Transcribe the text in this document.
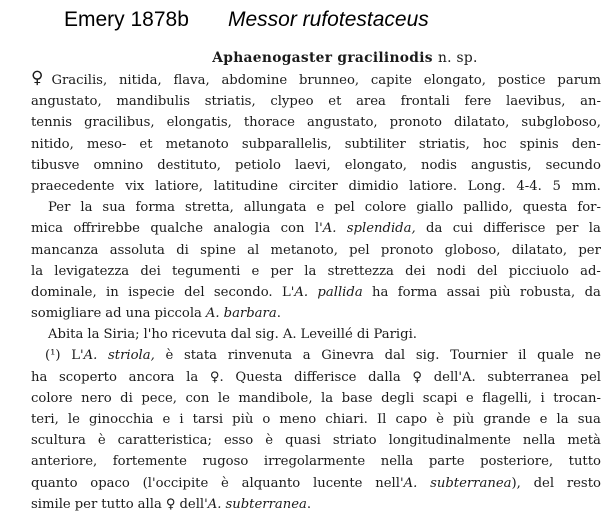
Emery 1878b Messor rufotestaceus
Aphaenogaster gracilinodis n. sp.
♀ Gracilis, nitida, flava, abdomine brunneo, capite elongato, postice parum
angustato, mandibulis striatis, clypeo et area frontali fere laevibus, an-
tennis gracilibus, elongatis, thorace angustato, pronoto dilatato, subgloboso,
nitido, meso- et metanoto subparallelis, subtiliter striatis, hoc spinis den-
tibusve omnino destituto, petiolo laevi, elongato, nodis angustis, secundo
praecedente vix latiore, latitudine circiter dimidio latiore. Long. 4-4. 5 mm.
Per la sua forma stretta, allungata e pel colore giallo pallido, questa for-
mica offrirebbe qualche analogia con l'A. splendida, da cui differisce per la
mancanza assoluta di spine al metanoto, pel pronoto globoso, dilatato, per
la levigatezza dei tegumenti e per la strettezza dei nodi del picciuolo ad-
dominale, in ispecie del secondo. L'A. pallida ha forma assai più robusta, da
somigliare ad una piccola A. barbara.
Abita la Siria; l'ho ricevuta dal sig. A. Leveillé di Parigi.
(¹) L'A. striola, è stata rinvenuta a Ginevra dal sig. Tournier il quale ne
ha scoperto ancora la ♀. Questa differisce dalla ♀ dell'A. subterranea pel
colore nero di pece, con le mandibole, la base degli scapi e flagelli, i trocan-
teri, le ginocchia e i tarsi più o meno chiari. Il capo è più grande e la sua
scultura è caratteristica; esso è quasi striato longitudinalmente nella metà
anteriore, fortemente rugoso irregolarmente nella parte posteriore, tutto
quanto opaco (l'occipite è alquanto lucente nell'A. subterranea), del resto
simile per tutto alla ♀ dell'A. subterranea.
